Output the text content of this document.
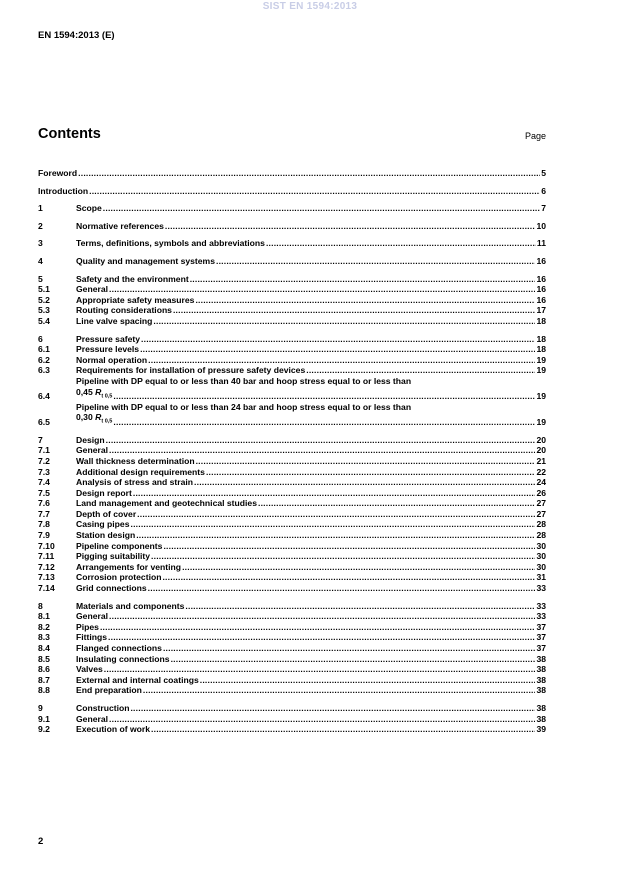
SIST EN 1594:2013
EN 1594:2013 (E)
Contents	Page
Foreword .....	5
Introduction .....	6
1	Scope .....	7
2	Normative references .....	10
3	Terms, definitions, symbols and abbreviations .....	11
4	Quality and management systems .....	16
5	Safety and the environment .....	16
5.1	General .....	16
5.2	Appropriate safety measures .....	16
5.3	Routing considerations .....	17
5.4	Line valve spacing .....	18
6	Pressure safety .....	18
6.1	Pressure levels .....	18
6.2	Normal operation .....	19
6.3	Requirements for installation of pressure safety devices .....	19
6.4
Pipeline with DP equal to or less than 40 bar and hoop stress equal to or less than
0,45 $R_{t 0,5}$ .....	19
6.5
Pipeline with DP equal to or less than 24 bar and hoop stress equal to or less than
0,30 $R_{t 0,5}$ .....	19
7	Design .....	20
7.1	General .....	20
7.2	Wall thickness determination .....	21
7.3	Additional design requirements .....	22
7.4	Analysis of stress and strain .....	24
7.5	Design report .....	26
7.6	Land management and geotechnical studies .....	27
7.7	Depth of cover .....	27
7.8	Casing pipes .....	28
7.9	Station design .....	28
7.10	Pipeline components .....	30
7.11	Pigging suitability .....	30
7.12	Arrangements for venting .....	30
7.13	Corrosion protection .....	31
7.14	Grid connections .....	33
8	Materials and components .....	33
8.1	General .....	33
8.2	Pipes .....	37
8.3	Fittings .....	37
8.4	Flanged connections .....	37
8.5	Insulating connections .....	38
8.6	Valves .....	38
8.7	External and internal coatings .....	38
8.8	End preparation .....	38
9	Construction .....	38
9.1	General .....	38
9.2	Execution of work .....	39
2
